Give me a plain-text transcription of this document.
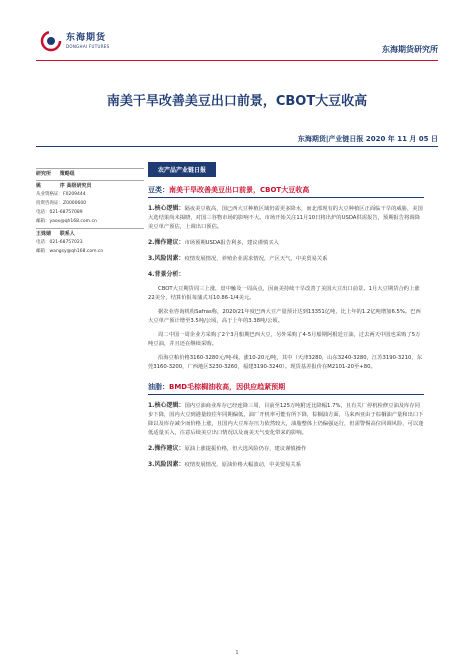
东海期货
DONGHAI FUTURES	东海期货研究所
南美干旱改善美豆出口前景，CBOT大豆收高
东海期货|产业链日报 2020 年 11 月 05 日
研究所 策略组
姚	序 高级研究员
从业资格证：F0209444
投资咨询证：Z0000600
电话：021-68757089
邮箱：yaox@qh168.com.cn
王姝婧 联系人
电话：021-68757023
邮箱：wangsy@qh168.com.cn
农产品产业链日报
豆类：南美干旱改善美豆出口前景，CBOT大豆收高
1.核心逻辑：隔夜美豆收高，国已西大豆种植区域仍需更多降水，而北部现有的大豆种植区正面临干旱的威胁，美国大选结果尚未揭晓，对国三谷物市场的影响不大。市场开始关注11月10日将出炉的USDA供需报告，预期报告将调降美豆单产预估，上调出口预估。
2.操作建议：市场预期USDA报告利多，建议谨慎买入
3.风险因素：疫情发展情况，养殖企业需求情况，产区天气，中美贸易关系
4.背景分析：
CBOT大豆期货周三上涨，盘中触及一周高点，因南美持续干旱改善了美国大豆出口前景。1月大豆期货合约上涨22美分，结算价报每蒲式耳10.86-1/4美元。
据农业咨询机构Safras称，2020/21年度巴西大豆产量预计达到13351亿吨，比上年的1.2亿吨增加6.5%。巴西大豆单产预计增至3.5吨/公顷，高于上年的3.38吨/公顷。
周二中国一周企业方采购了2个3月船期巴西大豆，另外采购了4-5月船期阿根廷豆油，过去两天中国也采购了5万吨豆油，并且还在继续采购。
沿海豆粕价格3160-3280元/吨-线，涨10-20元/吨，其中（天津3280，山东3240-3280，江苏3190-3210，东莞3160-3200，广西地区3230-3260，福建3190-3240）。现货基差报价在M2101-20至+80。
油脂：BMD毛棕榈油收高，因供应趋紧预期
1.核心逻辑：国内豆油商业库存已经连降三周，目前至125万吨附近比降幅1.7%，且有关厂停机检修豆油及库存同步下降，国内大豆到港量较往年同期偏低，油厂开机率可能有所下降，棕榈油方面，马来西亚由于棕榈油产量和出口下降以及库存减少而价格上涨，且国内大豆库存压力依然较大，油脂整体上仍偏强运行，但需警惕高位回调风险，可以逢低适量买入，注意后续美豆出口情况以及南美天气变化带来的影响。
2.操作建议：原油上涨提振价格，但大选风险仍存，建议谨慎操作
3.风险因素：疫情发展情况，原油价格大幅波动，中美贸易关系
1
